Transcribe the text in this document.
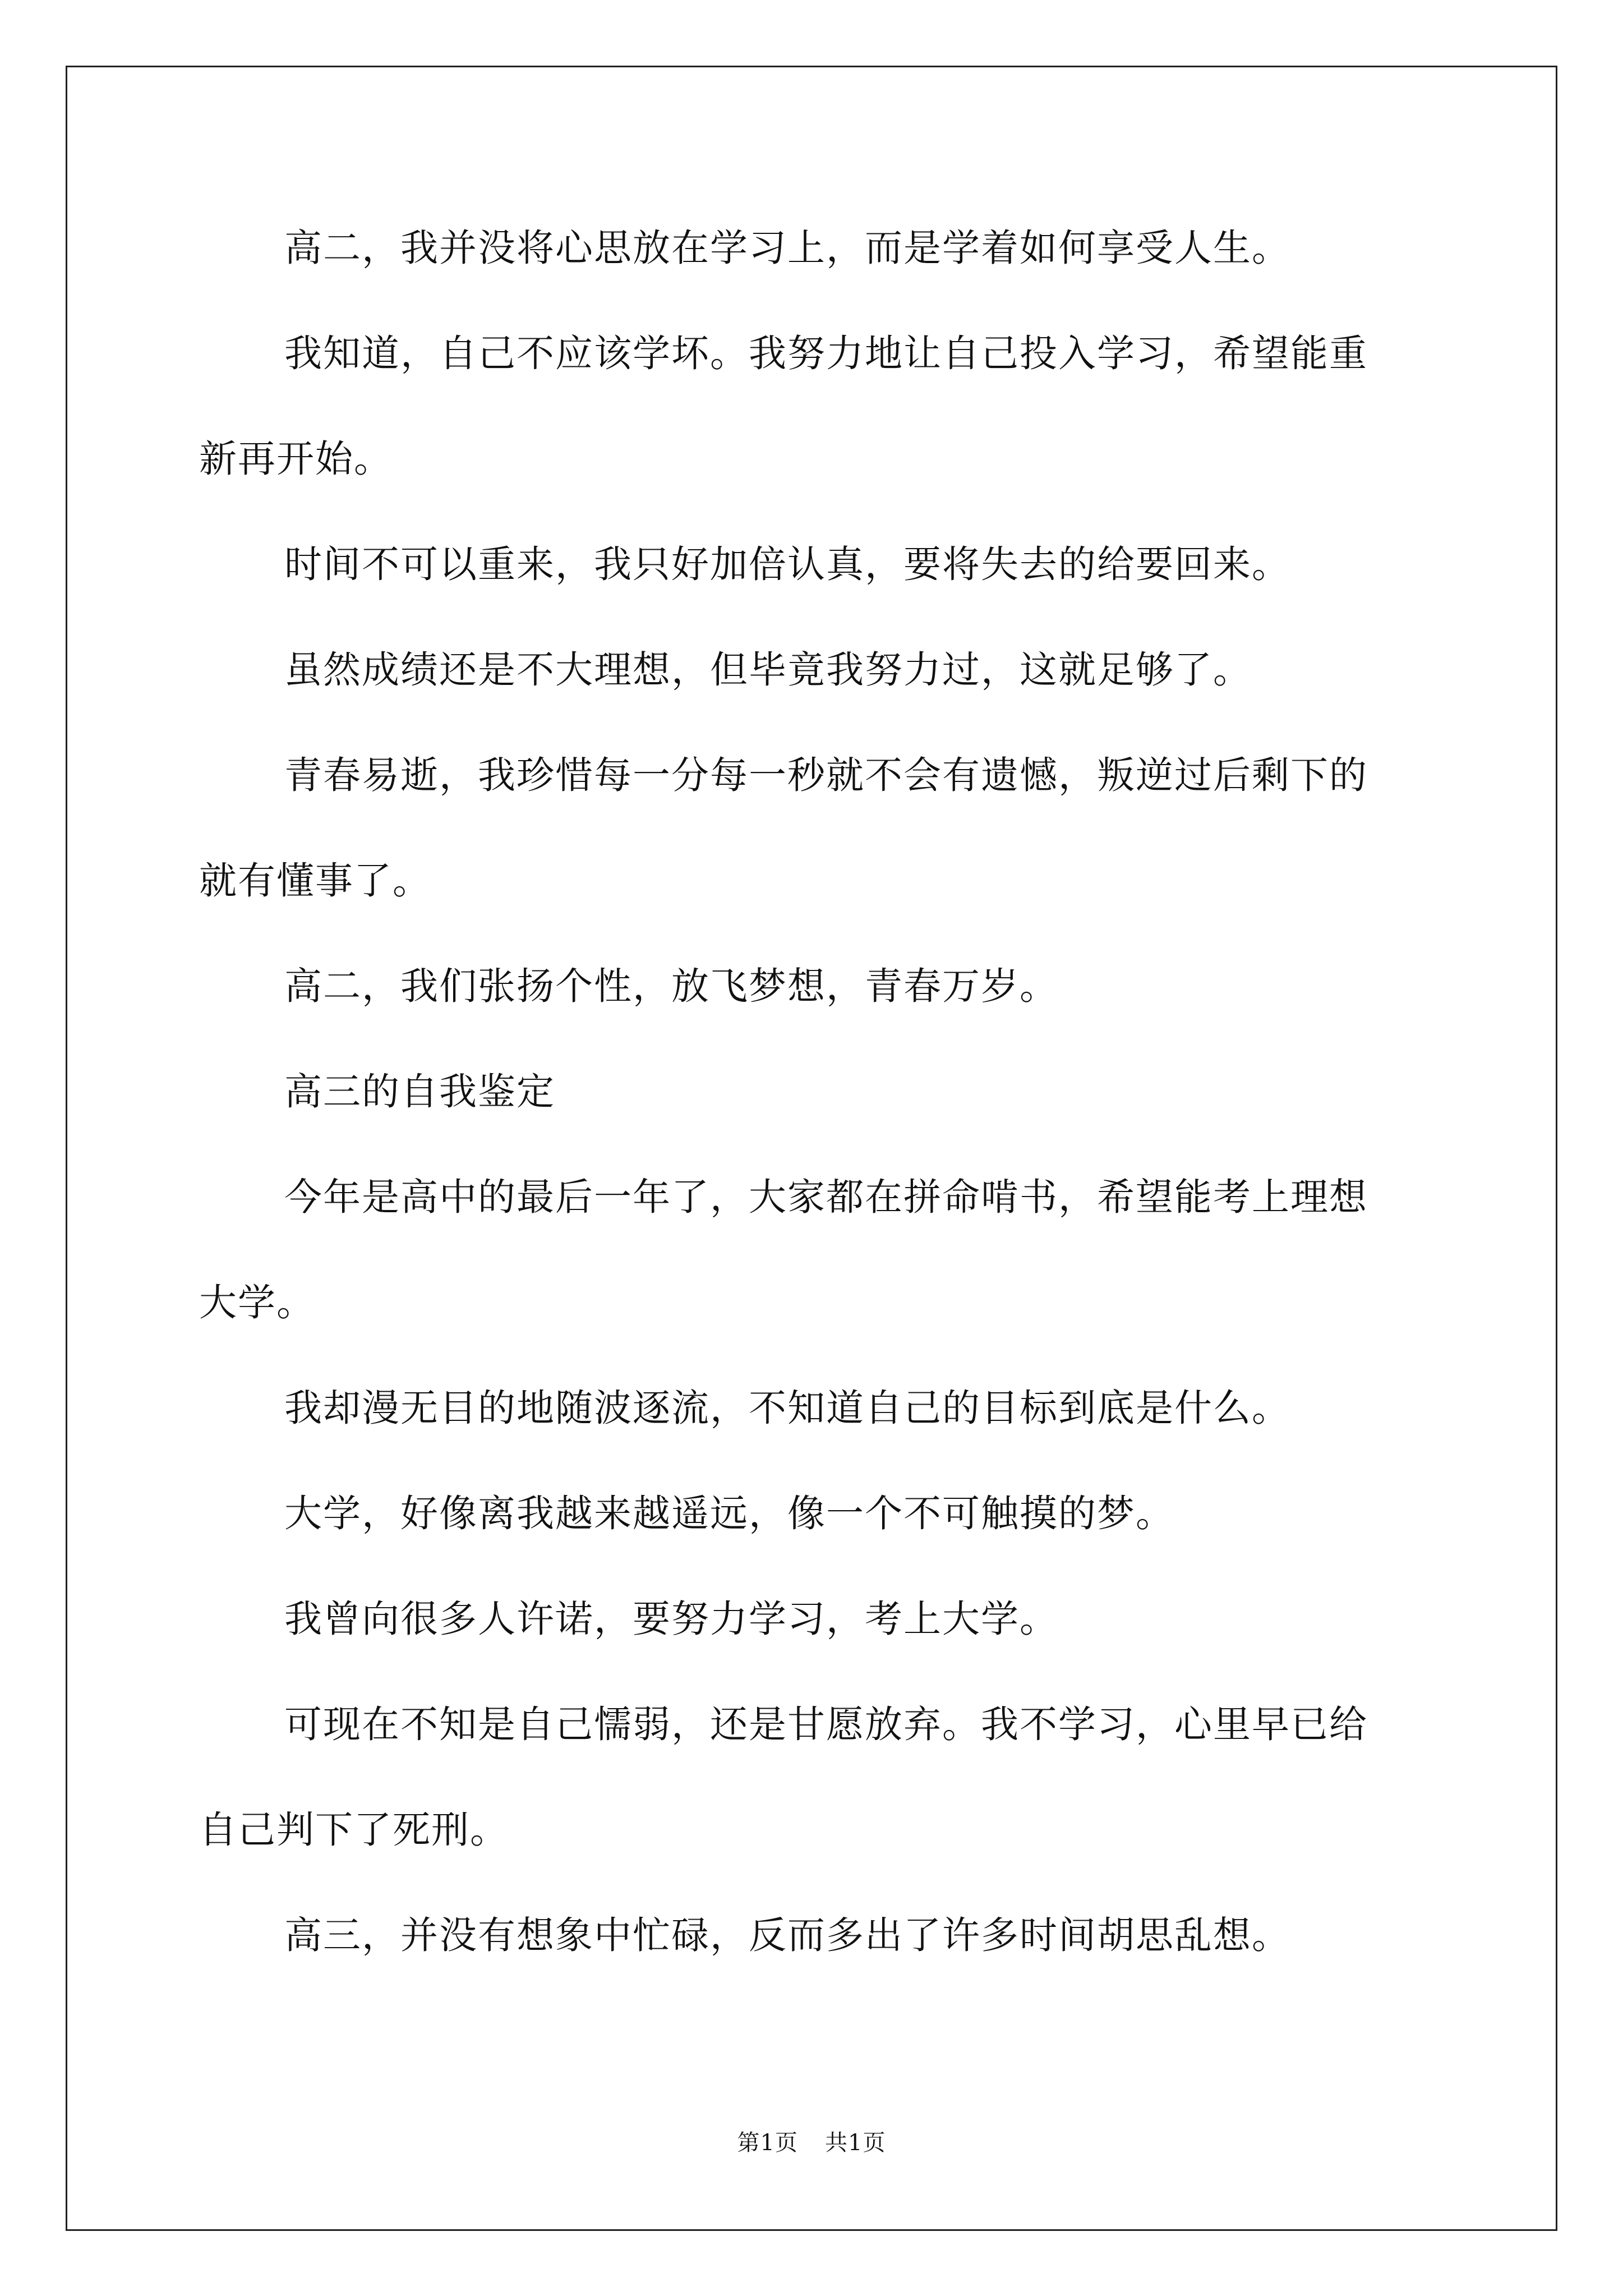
高二，我并没将心思放在学习上，而是学着如何享受人生。

我知道，自己不应该学坏。我努力地让自己投入学习，希望能重
新再开始。

时间不可以重来，我只好加倍认真，要将失去的给要回来。

虽然成绩还是不大理想，但毕竟我努力过，这就足够了。

青春易逝，我珍惜每一分每一秒就不会有遗憾，叛逆过后剩下的
就有懂事了。

高二，我们张扬个性，放飞梦想，青春万岁。

高三的自我鉴定

今年是高中的最后一年了，大家都在拼命啃书，希望能考上理想
大学。

我却漫无目的地随波逐流，不知道自己的目标到底是什么。

大学，好像离我越来越遥远，像一个不可触摸的梦。

我曾向很多人许诺，要努力学习，考上大学。

可现在不知是自己懦弱，还是甘愿放弃。我不学习，心里早已给
自己判下了死刑。

高三，并没有想象中忙碌，反而多出了许多时间胡思乱想。

第1页 共1页
